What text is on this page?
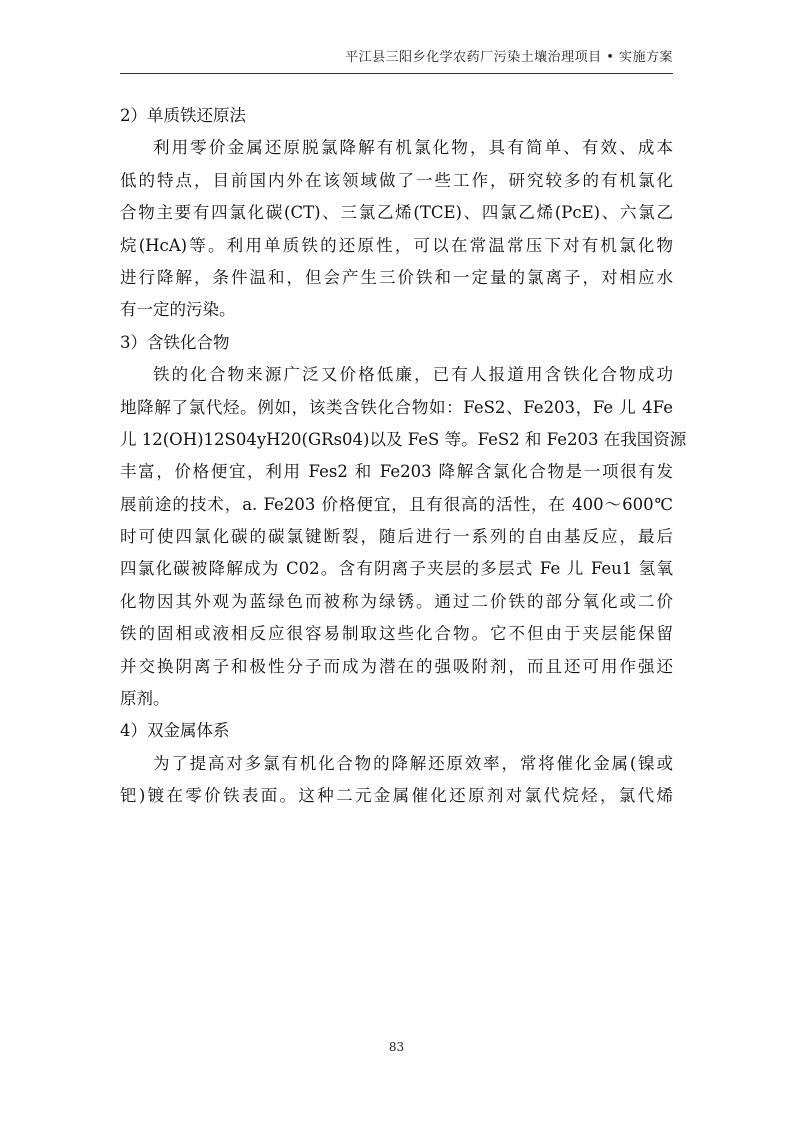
平江县三阳乡化学农药厂污染土壤治理项目 • 实施方案
2）单质铁还原法
利用零价金属还原脱氯降解有机氯化物，具有简单、有效、成本
低的特点，目前国内外在该领域做了一些工作，研究较多的有机氯化
合物主要有四氯化碳(CT)、三氯乙烯(TCE)、四氯乙烯(PcE)、六氯乙
烷(HcA)等。利用单质铁的还原性，可以在常温常压下对有机氯化物
进行降解，条件温和，但会产生三价铁和一定量的氯离子，对相应水
有一定的污染。
3）含铁化合物
铁的化合物来源广泛又价格低廉，已有人报道用含铁化合物成功
地降解了氯代烃。例如，该类含铁化合物如：FeS2、Fe203，Fe 儿 4Fe
儿 12(OH)12S04yH20(GRs04)以及 FeS 等。FeS2 和 Fe203 在我国资源
丰富，价格便宜，利用 Fes2 和 Fe203 降解含氯化合物是一项很有发
展前途的技术，a. Fe203 价格便宜，且有很高的活性，在 400～600℃
时可使四氯化碳的碳氯键断裂，随后进行一系列的自由基反应，最后
四氯化碳被降解成为 C02。含有阴离子夹层的多层式 Fe 儿 Feu1 氢氧
化物因其外观为蓝绿色而被称为绿锈。通过二价铁的部分氧化或二价
铁的固相或液相反应很容易制取这些化合物。它不但由于夹层能保留
并交换阴离子和极性分子而成为潜在的强吸附剂，而且还可用作强还
原剂。
4）双金属体系
为了提高对多氯有机化合物的降解还原效率，常将催化金属(镍或
钯)镀在零价铁表面。这种二元金属催化还原剂对氯代烷烃，氯代烯
83
